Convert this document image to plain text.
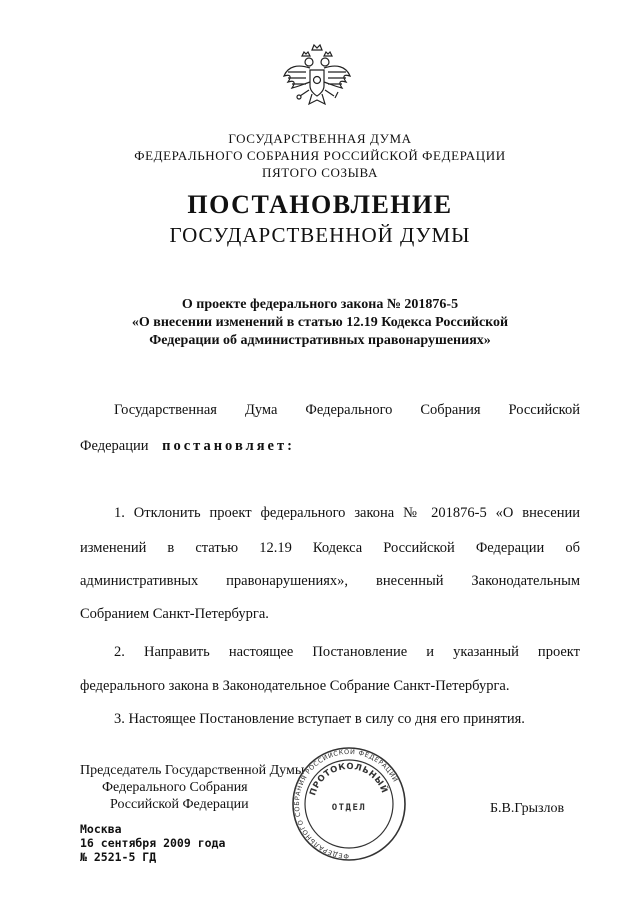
ГОСУДАРСТВЕННАЯ ДУМА
ФЕДЕРАЛЬНОГО СОБРАНИЯ РОССИЙСКОЙ ФЕДЕРАЦИИ
ПЯТОГО СОЗЫВА
ПОСТАНОВЛЕНИЕ
ГОСУДАРСТВЕННОЙ ДУМЫ
О проекте федерального закона № 201876-5
«О внесении изменений в статью 12.19 Кодекса Российской
Федерации об административных правонарушениях»
Государственная Дума Федерального Собрания Российской
Федерации постановляет:
1. Отклонить проект федерального закона № 201876-5 «О внесении
изменений в статью 12.19 Кодекса Российской Федерации об
административных правонарушениях», внесенный Законодательным
Собранием Санкт-Петербурга.
2. Направить настоящее Постановление и указанный проект
федерального закона в Законодательное Собрание Санкт-Петербурга.
3. Настоящее Постановление вступает в силу со дня его принятия.
Председатель Государственной Думы
Федерального Собрания
Российской Федерации	Б.В.Грызлов
ФЕДЕРАЛЬНОГО СОБРАНИЯ РОССИЙСКОЙ ФЕДЕРАЦИИ
ПРОТОКОЛЬНЫЙ
ОТДЕЛ
Москва
16 сентября 2009 года
№ 2521-5 ГД
